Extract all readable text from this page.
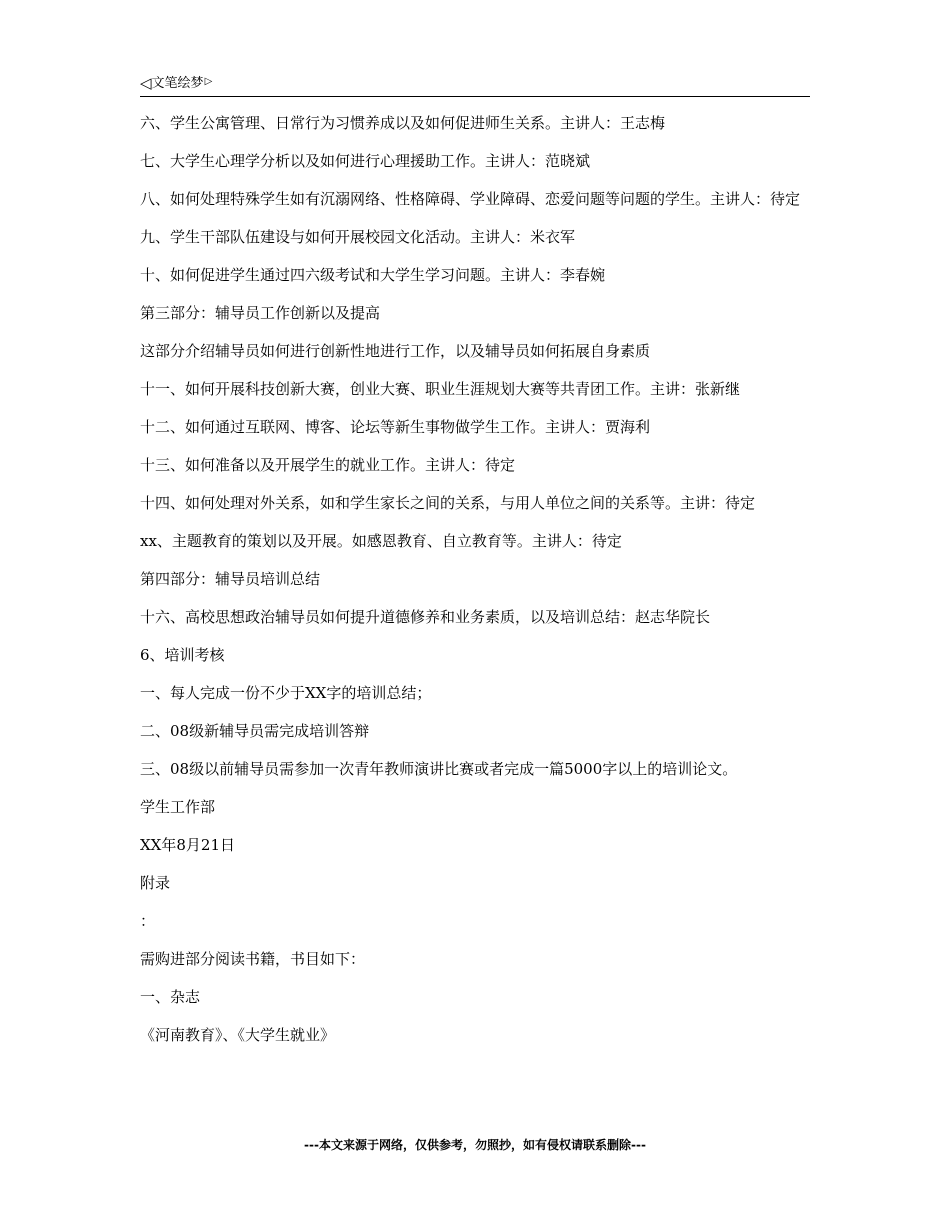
◁文笔绘梦▷

六、学生公寓管理、日常行为习惯养成以及如何促进师生关系。主讲人：王志梅

七、大学生心理学分析以及如何进行心理援助工作。主讲人：范晓斌

八、如何处理特殊学生如有沉溺网络、性格障碍、学业障碍、恋爱问题等问题的学生。主讲人：待定

九、学生干部队伍建设与如何开展校园文化活动。主讲人：米衣军

十、如何促进学生通过四六级考试和大学生学习问题。主讲人：李春婉

第三部分：辅导员工作创新以及提高

这部分介绍辅导员如何进行创新性地进行工作，以及辅导员如何拓展自身素质

十一、如何开展科技创新大赛，创业大赛、职业生涯规划大赛等共青团工作。主讲：张新继

十二、如何通过互联网、博客、论坛等新生事物做学生工作。主讲人：贾海利

十三、如何准备以及开展学生的就业工作。主讲人：待定

十四、如何处理对外关系，如和学生家长之间的关系，与用人单位之间的关系等。主讲：待定

xx、主题教育的策划以及开展。如感恩教育、自立教育等。主讲人：待定

第四部分：辅导员培训总结

十六、高校思想政治辅导员如何提升道德修养和业务素质，以及培训总结：赵志华院长

6、培训考核

一、每人完成一份不少于XX字的培训总结；

二、08级新辅导员需完成培训答辩

三、08级以前辅导员需参加一次青年教师演讲比赛或者完成一篇5000字以上的培训论文。

学生工作部

XX年8月21日

附录

：

需购进部分阅读书籍，书目如下：

一、杂志

《河南教育》、《大学生就业》

---本文来源于网络，仅供参考，勿照抄，如有侵权请联系删除---
